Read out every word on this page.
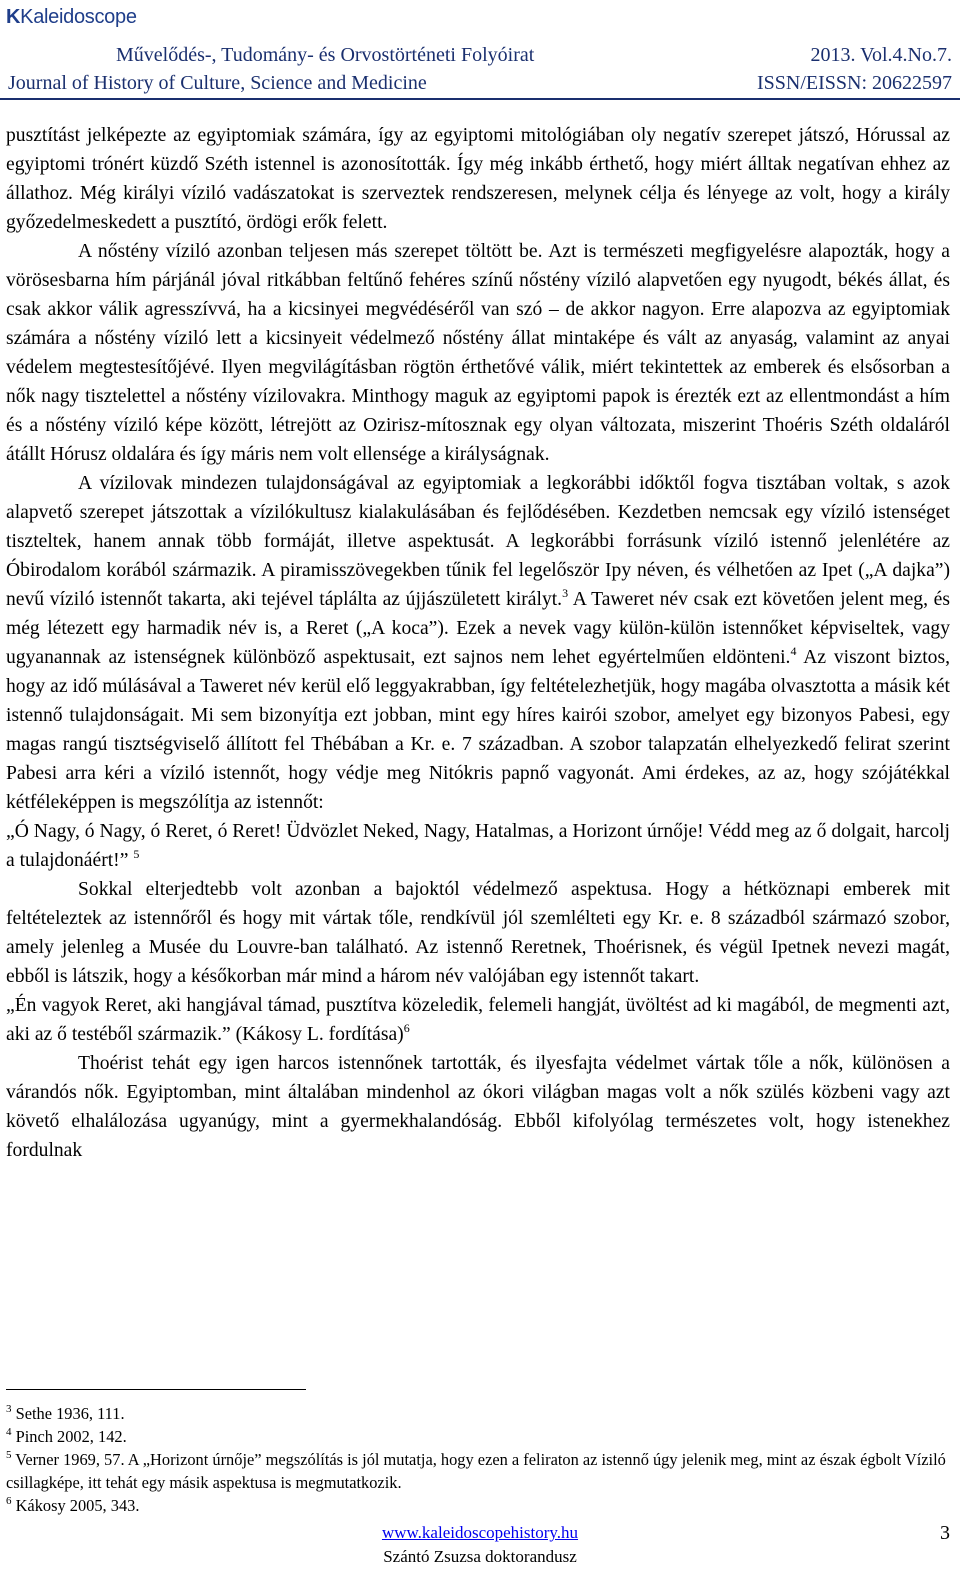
KKaleidoscope
Művelődés-, Tudomány- és Orvostörténeti Folyóirat	2013. Vol.4.No.7.
Journal of History of Culture, Science and Medicine	ISSN/EISSN: 20622597

pusztítást jelképezte az egyiptomiak számára, így az egyiptomi mitológiában oly negatív szerepet játszó, Hórussal az egyiptomi trónért küzdő Széth istennel is azonosították. Így még inkább érthető, hogy miért álltak negatívan ehhez az állathoz. Még királyi víziló vadászatokat is szerveztek rendszeresen, melynek célja és lényege az volt, hogy a király győzedelmeskedett a pusztító, ördögi erők felett.

A nőstény víziló azonban teljesen más szerepet töltött be. Azt is természeti megfigyelésre alapozták, hogy a vörösesbarna hím párjánál jóval ritkábban feltűnő fehéres színű nőstény víziló alapvetően egy nyugodt, békés állat, és csak akkor válik agresszívvá, ha a kicsinyei megvédéséről van szó – de akkor nagyon. Erre alapozva az egyiptomiak számára a nőstény víziló lett a kicsinyeit védelmező nőstény állat mintaképe és vált az anyaság, valamint az anyai védelem megtestesítőjévé. Ilyen megvilágításban rögtön érthetővé válik, miért tekintettek az emberek és elsősorban a nők nagy tisztelettel a nőstény vízilovakra. Minthogy maguk az egyiptomi papok is érezték ezt az ellentmondást a hím és a nőstény víziló képe között, létrejött az Ozirisz-mítosznak egy olyan változata, miszerint Thoéris Széth oldaláról átállt Hórusz oldalára és így máris nem volt ellensége a királyságnak.

A vízilovak mindezen tulajdonságával az egyiptomiak a legkorábbi időktől fogva tisztában voltak, s azok alapvető szerepet játszottak a vízilókultusz kialakulásában és fejlődésében. Kezdetben nemcsak egy víziló istenséget tiszteltek, hanem annak több formáját, illetve aspektusát. A legkorábbi forrásunk víziló istennő jelenlétére az Óbirodalom korából származik. A piramisszövegekben tűnik fel legelőször Ipy néven, és vélhetően az Ipet („A dajka”) nevű víziló istennőt takarta, aki tejével táplálta az újjászületett királyt.$^3$ A Taweret név csak ezt követően jelent meg, és még létezett egy harmadik név is, a Reret („A koca”). Ezek a nevek vagy külön-külön istennőket képviseltek, vagy ugyanannak az istenségnek különböző aspektusait, ezt sajnos nem lehet egyértelműen eldönteni.$^4$ Az viszont biztos, hogy az idő múlásával a Taweret név kerül elő leggyakrabban, így feltételezhetjük, hogy magába olvasztotta a másik két istennő tulajdonságait. Mi sem bizonyítja ezt jobban, mint egy híres kairói szobor, amelyet egy bizonyos Pabesi, egy magas rangú tisztségviselő állított fel Thébában a Kr. e. 7 században. A szobor talapzatán elhelyezkedő felirat szerint Pabesi arra kéri a víziló istennőt, hogy védje meg Nitókris papnő vagyonát. Ami érdekes, az az, hogy szójátékkal kétféleképpen is megszólítja az istennőt:

„Ó Nagy, ó Nagy, ó Reret, ó Reret! Üdvözlet Neked, Nagy, Hatalmas, a Horizont úrnője! Védd meg az ő dolgait, harcolj a tulajdonáért!” $^5$

Sokkal elterjedtebb volt azonban a bajoktól védelmező aspektusa. Hogy a hétköznapi emberek mit feltételeztek az istennőről és hogy mit vártak tőle, rendkívül jól szemlélteti egy Kr. e. 8 századból származó szobor, amely jelenleg a Musée du Louvre-ban található. Az istennő Reretnek, Thoérisnek, és végül Ipetnek nevezi magát, ebből is látszik, hogy a későkorban már mind a három név valójában egy istennőt takart.

„Én vagyok Reret, aki hangjával támad, pusztítva közeledik, felemeli hangját, üvöltést ad ki magából, de megmenti azt, aki az ő testéből származik.” (Kákosy L. fordítása)$^6$

Thoérist tehát egy igen harcos istennőnek tartották, és ilyesfajta védelmet vártak tőle a nők, különösen a várandós nők. Egyiptomban, mint általában mindenhol az ókori világban magas volt a nők szülés közbeni vagy azt követő elhalálozása ugyanúgy, mint a gyermekhalandóság. Ebből kifolyólag természetes volt, hogy istenekhez fordulnak

$^3$ Sethe 1936, 111.

$^4$ Pinch 2002, 142.

$^5$ Verner 1969, 57. A „Horizont úrnője” megszólítás is jól mutatja, hogy ezen a feliraton az istennő úgy jelenik meg, mint az észak égbolt Víziló csillagképe, itt tehát egy másik aspektusa is megmutatkozik.

$^6$ Kákosy 2005, 343.

www.kaleidoscopehistory.hu
Szántó Zsuzsa doktorandusz
3
